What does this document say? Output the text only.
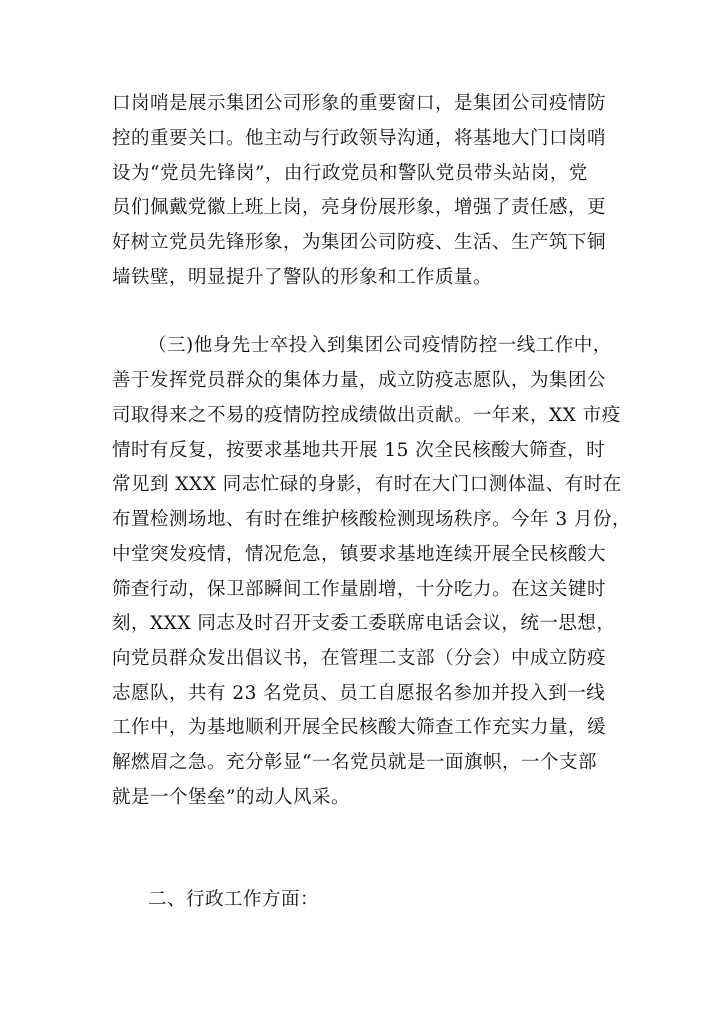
口岗哨是展示集团公司形象的重要窗口，是集团公司疫情防
控的重要关口。他主动与行政领导沟通，将基地大门口岗哨
设为“党员先锋岗”，由行政党员和警队党员带头站岗，党
员们佩戴党徽上班上岗，亮身份展形象，增强了责任感，更
好树立党员先锋形象，为集团公司防疫、生活、生产筑下铜
墙铁壁，明显提升了警队的形象和工作质量。
（三)他身先士卒投入到集团公司疫情防控一线工作中，
善于发挥党员群众的集体力量，成立防疫志愿队，为集团公
司取得来之不易的疫情防控成绩做出贡献。一年来，XX 市疫
情时有反复，按要求基地共开展 15 次全民核酸大筛查，时
常见到 XXX 同志忙碌的身影，有时在大门口测体温、有时在
布置检测场地、有时在维护核酸检测现场秩序。今年 3 月份，
中堂突发疫情，情况危急，镇要求基地连续开展全民核酸大
筛查行动，保卫部瞬间工作量剧增，十分吃力。在这关键时
刻，XXX 同志及时召开支委工委联席电话会议，统一思想，
向党员群众发出倡议书，在管理二支部（分会）中成立防疫
志愿队，共有 23 名党员、员工自愿报名参加并投入到一线
工作中，为基地顺利开展全民核酸大筛查工作充实力量，缓
解燃眉之急。充分彰显“一名党员就是一面旗帜，一个支部
就是一个堡垒”的动人风采。
二、行政工作方面：
